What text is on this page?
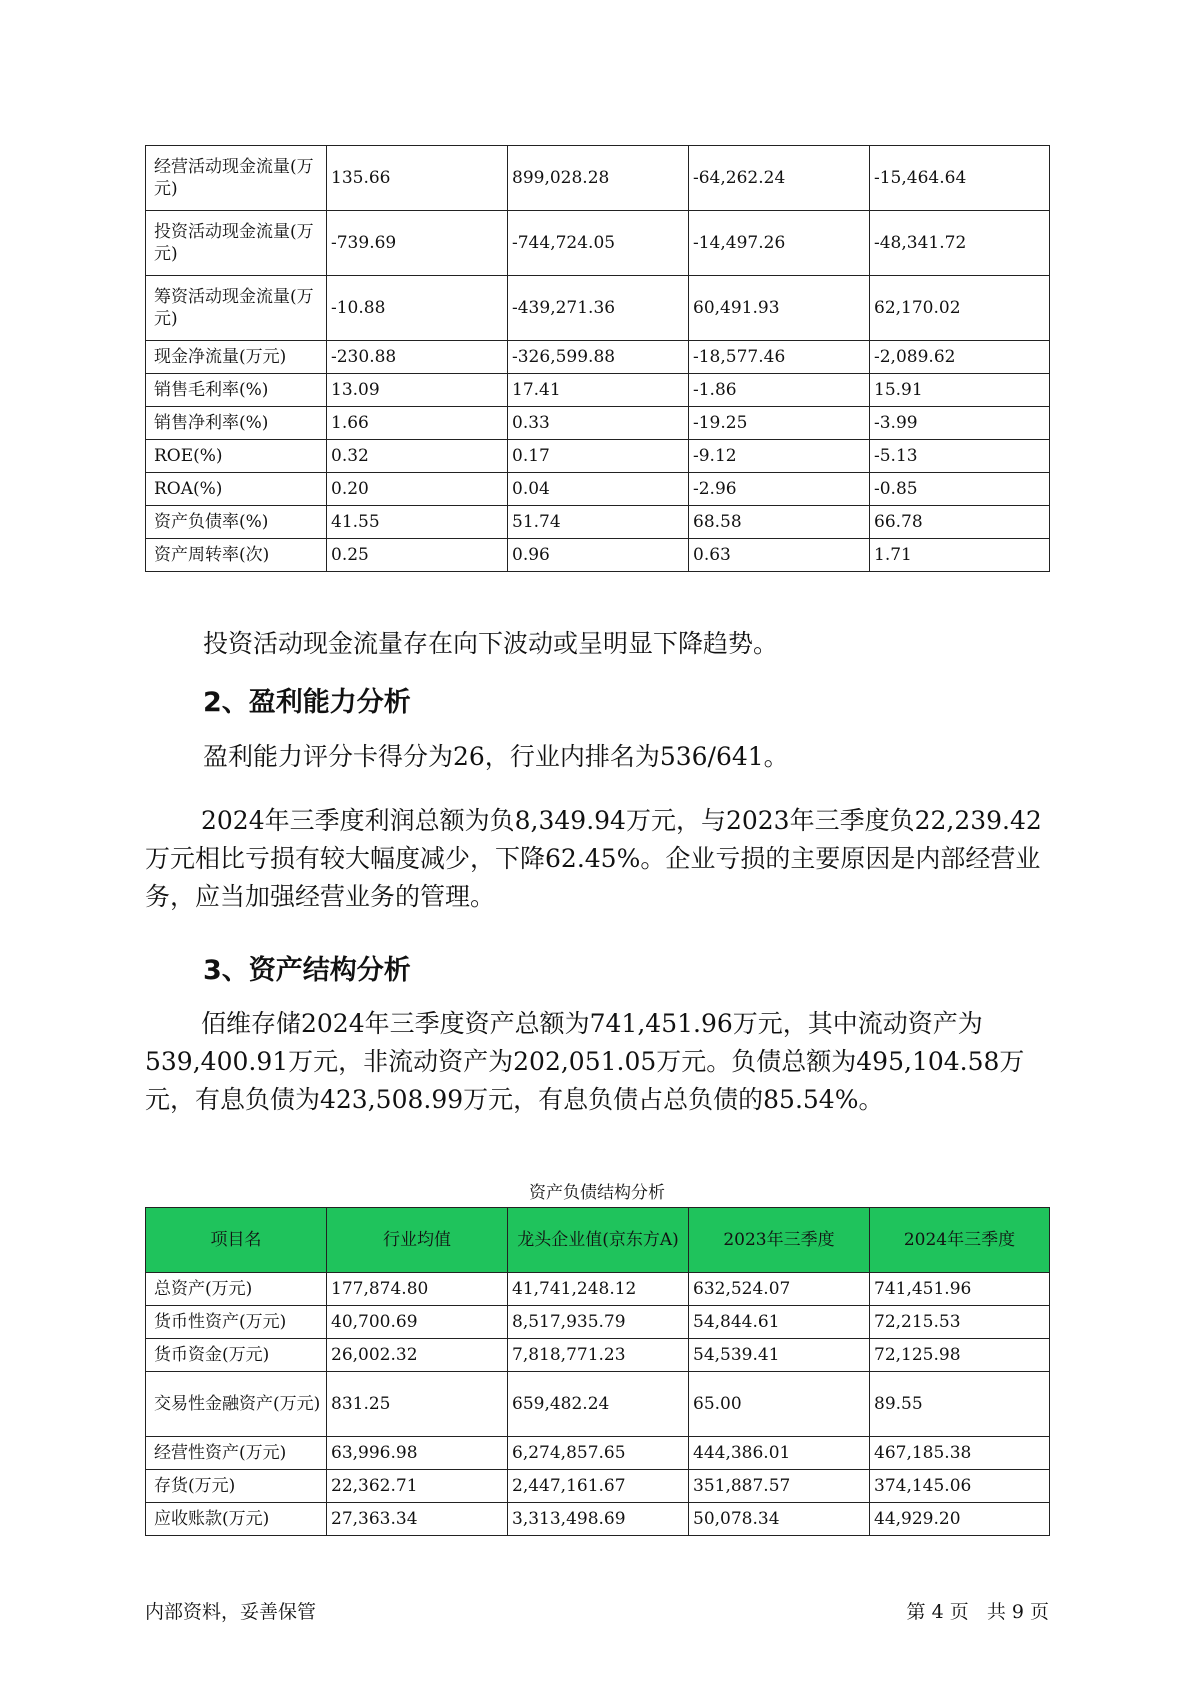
经营活动现金流量(万元)	135.66	899,028.28	-64,262.24	-15,464.64
投资活动现金流量(万元)	-739.69	-744,724.05	-14,497.26	-48,341.72
筹资活动现金流量(万元)	-10.88	-439,271.36	60,491.93	62,170.02
现金净流量(万元)	-230.88	-326,599.88	-18,577.46	-2,089.62
销售毛利率(%)	13.09	17.41	-1.86	15.91
销售净利率(%)	1.66	0.33	-19.25	-3.99
ROE(%)	0.32	0.17	-9.12	-5.13
ROA(%)	0.20	0.04	-2.96	-0.85
资产负债率(%)	41.55	51.74	68.58	66.78
资产周转率(次)	0.25	0.96	0.63	1.71

投资活动现金流量存在向下波动或呈明显下降趋势。

2、盈利能力分析

盈利能力评分卡得分为26，行业内排名为536/641。

2024年三季度利润总额为负8,349.94万元，与2023年三季度负22,239.42万元相比亏损有较大幅度减少，下降62.45%。企业亏损的主要原因是内部经营业务，应当加强经营业务的管理。

3、资产结构分析

佰维存储2024年三季度资产总额为741,451.96万元，其中流动资产为539,400.91万元，非流动资产为202,051.05万元。负债总额为495,104.58万元，有息负债为423,508.99万元，有息负债占总负债的85.54%。

资产负债结构分析
项目名	行业均值	龙头企业值(京东方A)	2023年三季度	2024年三季度
总资产(万元)	177,874.80	41,741,248.12	632,524.07	741,451.96
货币性资产(万元)	40,700.69	8,517,935.79	54,844.61	72,215.53
货币资金(万元)	26,002.32	7,818,771.23	54,539.41	72,125.98
交易性金融资产(万元)	831.25	659,482.24	65.00	89.55
经营性资产(万元)	63,996.98	6,274,857.65	444,386.01	467,185.38
存货(万元)	22,362.71	2,447,161.67	351,887.57	374,145.06
应收账款(万元)	27,363.34	3,313,498.69	50,078.34	44,929.20
内部资料，妥善保管	第 4 页   共 9 页
